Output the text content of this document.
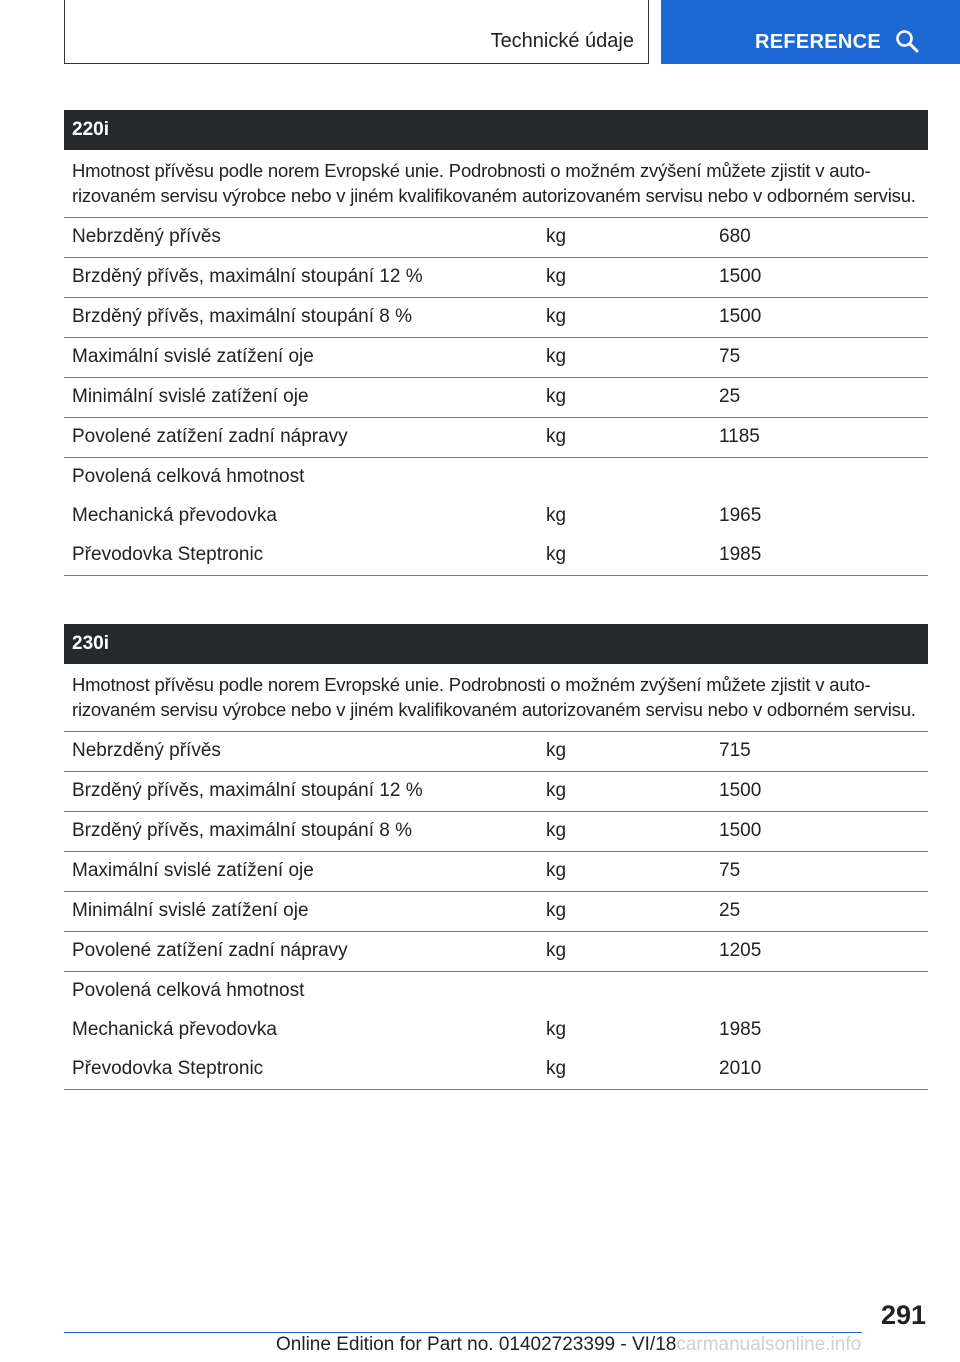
Technické údaje	REFERENCE
220i
Hmotnost přívěsu podle norem Evropské unie. Podrobnosti o možném zvýšení můžete zjistit v autorizovaném servisu výrobce nebo v jiném kvalifikovaném autorizovaném servisu nebo v odborném servisu.
Nebrzděný přívěs	kg	680
Brzděný přívěs, maximální stoupání 12 %	kg	1500
Brzděný přívěs, maximální stoupání 8 %	kg	1500
Maximální svislé zatížení oje	kg	75
Minimální svislé zatížení oje	kg	25
Povolené zatížení zadní nápravy	kg	1185
Povolená celková hmotnost
Mechanická převodovka	kg	1965
Převodovka Steptronic	kg	1985
230i
Hmotnost přívěsu podle norem Evropské unie. Podrobnosti o možném zvýšení můžete zjistit v autorizovaném servisu výrobce nebo v jiném kvalifikovaném autorizovaném servisu nebo v odborném servisu.
Nebrzděný přívěs	kg	715
Brzděný přívěs, maximální stoupání 12 %	kg	1500
Brzděný přívěs, maximální stoupání 8 %	kg	1500
Maximální svislé zatížení oje	kg	75
Minimální svislé zatížení oje	kg	25
Povolené zatížení zadní nápravy	kg	1205
Povolená celková hmotnost
Mechanická převodovka	kg	1985
Převodovka Steptronic	kg	2010
291
Online Edition for Part no. 01402723399 - VI/18carmanualsonline.info
